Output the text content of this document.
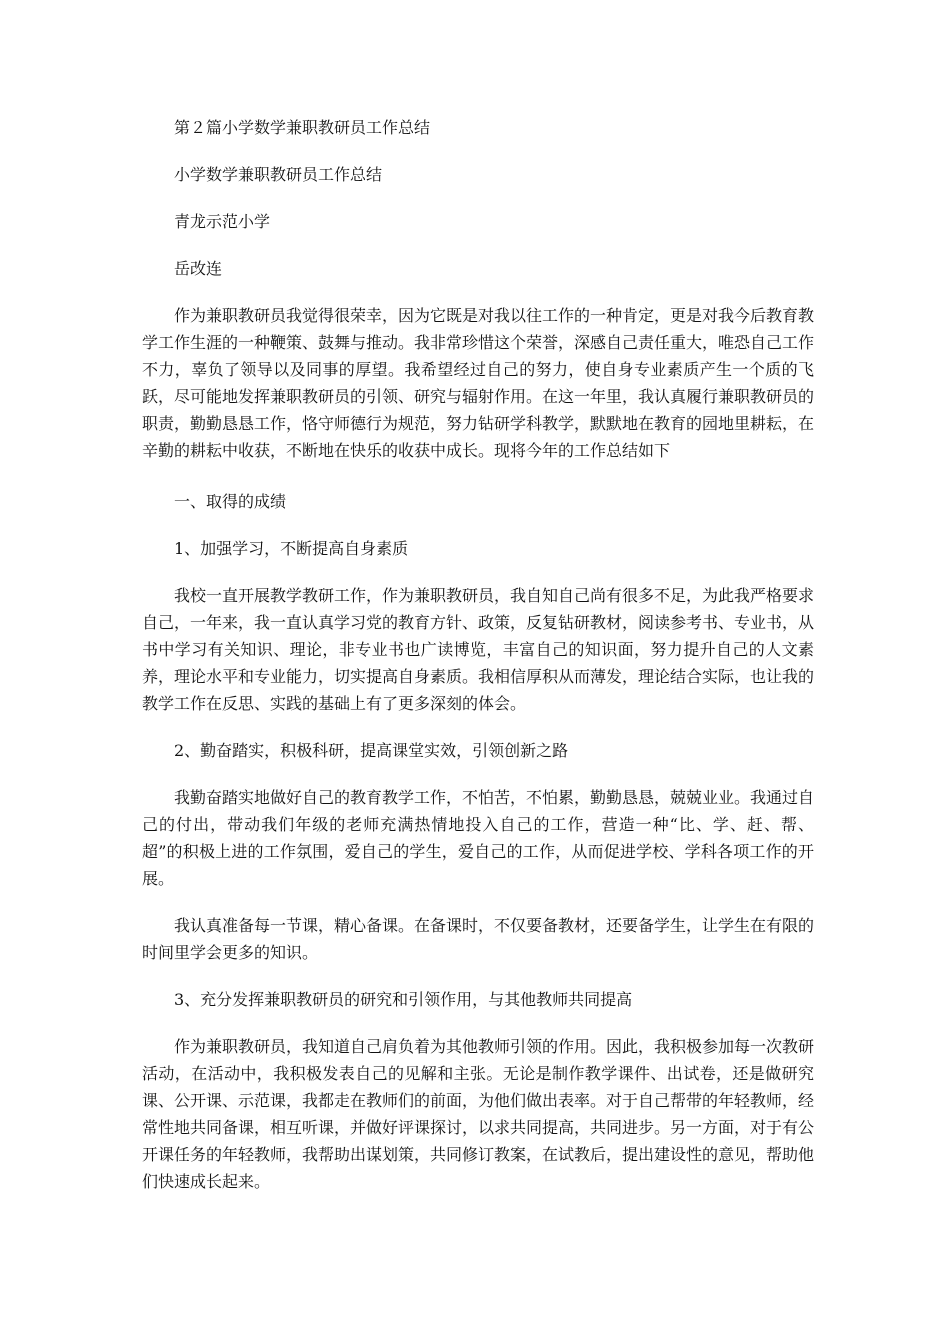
第２篇小学数学兼职教研员工作总结

小学数学兼职教研员工作总结

青龙示范小学

岳改连

作为兼职教研员我觉得很荣幸，因为它既是对我以往工作的一种肯定，更是对我今后教育教学工作生涯的一种鞭策、鼓舞与推动。我非常珍惜这个荣誉，深感自己责任重大，唯恐自己工作不力，辜负了领导以及同事的厚望。我希望经过自己的努力，使自身专业素质产生一个质的飞跃，尽可能地发挥兼职教研员的引领、研究与辐射作用。在这一年里，我认真履行兼职教研员的职责，勤勤恳恳工作，恪守师德行为规范，努力钻研学科教学，默默地在教育的园地里耕耘，在辛勤的耕耘中收获，不断地在快乐的收获中成长。现将今年的工作总结如下

一、取得的成绩

1、加强学习，不断提高自身素质

我校一直开展教学教研工作，作为兼职教研员，我自知自己尚有很多不足，为此我严格要求自己，一年来，我一直认真学习党的教育方针、政策，反复钻研教材，阅读参考书、专业书，从书中学习有关知识、理论，非专业书也广读博览，丰富自己的知识面，努力提升自己的人文素养，理论水平和专业能力，切实提高自身素质。我相信厚积从而薄发，理论结合实际，也让我的教学工作在反思、实践的基础上有了更多深刻的体会。

2、勤奋踏实，积极科研，提高课堂实效，引领创新之路

我勤奋踏实地做好自己的教育教学工作，不怕苦，不怕累，勤勤恳恳，兢兢业业。我通过自己的付出，带动我们年级的老师充满热情地投入自己的工作，营造一种“比、学、赶、帮、超”的积极上进的工作氛围，爱自己的学生，爱自己的工作，从而促进学校、学科各项工作的开展。

我认真准备每一节课，精心备课。在备课时，不仅要备教材，还要备学生，让学生在有限的时间里学会更多的知识。

3、充分发挥兼职教研员的研究和引领作用，与其他教师共同提高

作为兼职教研员，我知道自己肩负着为其他教师引领的作用。因此，我积极参加每一次教研活动，在活动中，我积极发表自己的见解和主张。无论是制作教学课件、出试卷，还是做研究课、公开课、示范课，我都走在教师们的前面，为他们做出表率。对于自己帮带的年轻教师，经常性地共同备课，相互听课，并做好评课探讨，以求共同提高，共同进步。另一方面，对于有公开课任务的年轻教师，我帮助出谋划策，共同修订教案，在试教后，提出建设性的意见，帮助他们快速成长起来。
